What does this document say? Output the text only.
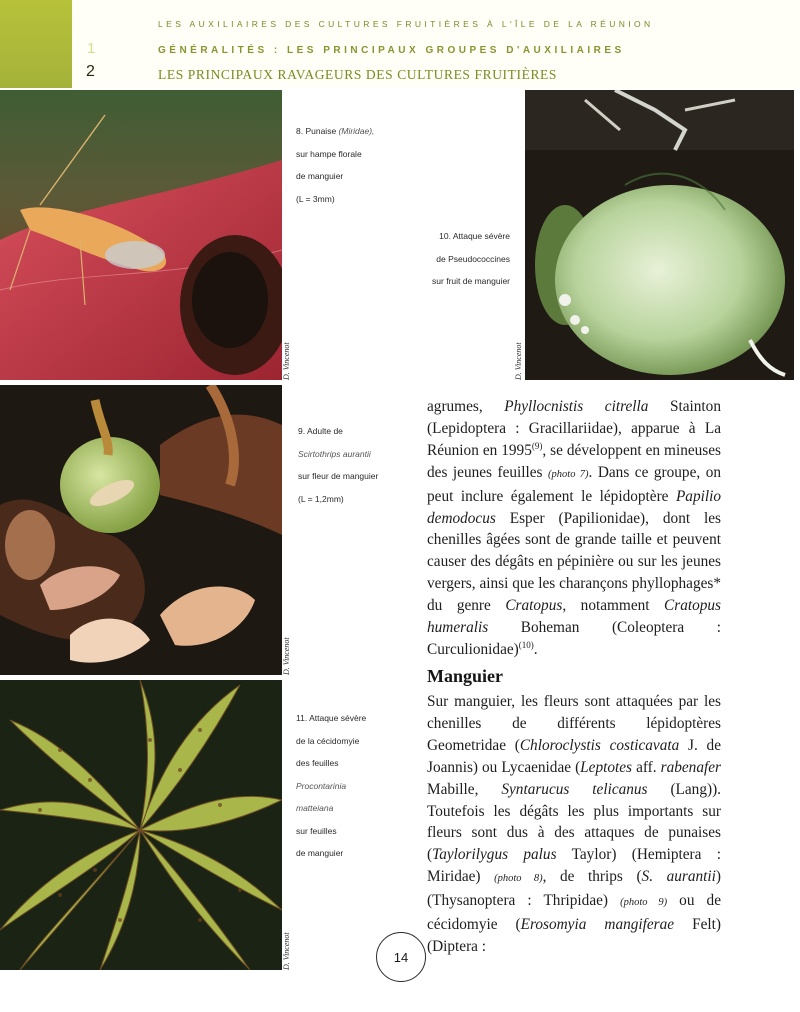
1
2
LES AUXILIAIRES DES CULTURES FRUITIÈRES À L'ÎLE DE LA RÉUNION
GÉNÉRALITÉS : LES PRINCIPAUX GROUPES D'AUXILIAIRES
LES PRINCIPAUX RAVAGEURS DES CULTURES FRUITIÈRES
D. Vincenot
8. Punaise (Miridae),
sur hampe florale
de manguier
(L = 3mm)
10. Attaque sévère
de Pseudococcines
sur fruit de manguier
D. Vincenot
D. Vincenot
9. Adulte de
Scirtothrips aurantii
sur fleur de manguier
(L = 1,2mm)
D. Vincenot
11. Attaque sévère
de la cécidomyie
des feuilles
Procontarinia
matteiana
sur feuilles
de manguier

agrumes, Phyllocnistis citrella Stainton (Lepidoptera : Gracillariidae), apparue à La Réunion en 1995$^{(9)}$, se développent en mineuses des jeunes feuilles (photo 7). Dans ce groupe, on peut inclure également le lépidoptère Papilio demodocus Esper (Papilionidae), dont les chenilles âgées sont de grande taille et peuvent causer des dégâts en pépinière ou sur les jeunes vergers, ainsi que les charançons phyllophages* du genre Cratopus, notamment Cratopus humeralis Boheman (Coleoptera : Curculionidae)$^{(10)}$.

Manguier

Sur manguier, les fleurs sont attaquées par les chenilles de différents lépidoptères Geometridae (Chloroclystis costicavata J. de Joannis) ou Lycaenidae (Leptotes aff. rabenafer Mabille, Syntarucus telicanus (Lang)). Toutefois les dégâts les plus importants sur fleurs sont dus à des attaques de punaises (Taylorilygus palus Taylor) (Hemiptera : Miridae) (photo 8), de thrips (S. aurantii) (Thysanoptera : Thripidae) (photo 9) ou de cécidomyie (Erosomyia mangiferae Felt) (Diptera :

14
